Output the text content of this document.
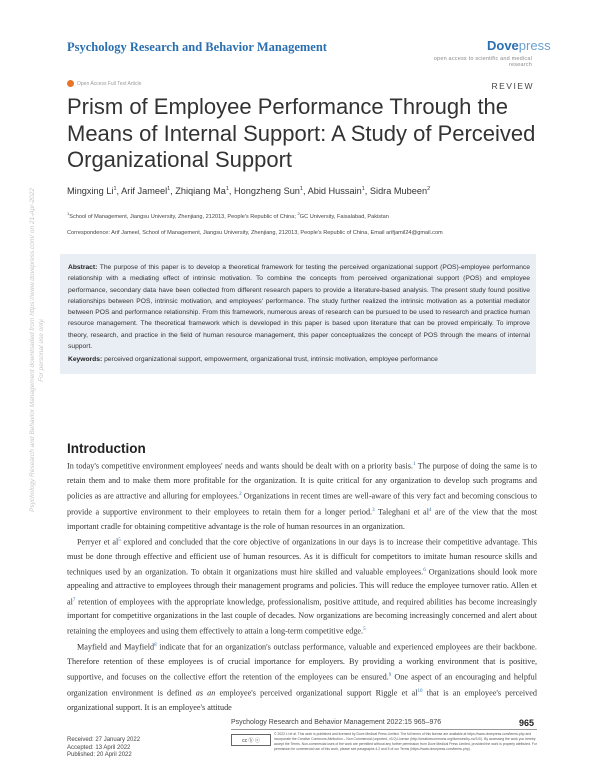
Psychology Research and Behavior Management	Dovepress
open access to scientific and medical research
Open Access Full Text Article	REVIEW
Prism of Employee Performance Through the Means of Internal Support: A Study of Perceived Organizational Support
Mingxing Li$^1$, Arif Jameel$^1$, Zhiqiang Ma$^1$, Hongzheng Sun$^1$, Abid Hussain$^1$, Sidra Mubeen$^2$
$^1$School of Management, Jiangsu University, Zhenjiang, 212013, People's Republic of China; $^2$GC University, Faisalabad, Pakistan
Correspondence: Arif Jameel, School of Management, Jiangsu University, Zhenjiang, 212013, People's Republic of China, Email arifjamil24@gmail.com
Abstract: The purpose of this paper is to develop a theoretical framework for testing the perceived organizational support (POS)-employee performance relationship with a mediating effect of intrinsic motivation. To combine the concepts from perceived organizational support (POS) and employee performance, secondary data have been collected from different research papers to provide a literature-based analysis. The present study found positive relationships between POS, intrinsic motivation, and employees' performance. The study further realized the intrinsic motivation as a potential mediator between POS and performance relationship. From this framework, numerous areas of research can be pursued to be used to research and practice human resource management. The theoretical framework which is developed in this paper is based upon literature that can be proved empirically. To improve theory, research, and practice in the field of human resource management, this paper conceptualizes the concept of POS through the means of internal support.
Keywords: perceived organizational support, empowerment, organizational trust, intrinsic motivation, employee performance
Introduction

In today's competitive environment employees' needs and wants should be dealt with on a priority basis.$^1$ The purpose of doing the same is to retain them and to make them more profitable for the organization. It is quite critical for any organization to develop such programs and policies as are attractive and alluring for employees.$^2$ Organizations in recent times are well-aware of this very fact and becoming conscious to provide a supportive environment to their employees to retain them for a longer period.$^3$ Taleghani et $al^4$ are of the view that the most important cradle for obtaining competitive advantage is the role of human resources in an organization.

Perryer et $al^5$ explored and concluded that the core objective of organizations in our days is to increase their competitive advantage. This must be done through effective and efficient use of human resources. As it is difficult for competitors to imitate human resource skills and techniques used by an organization. To obtain it organizations must hire skilled and valuable employees.$^6$ Organizations should look more appealing and attractive to employees through their management programs and policies. This will reduce the employee turnover ratio. Allen et $al^7$ retention of employees with the appropriate knowledge, professionalism, positive attitude, and required abilities has become increasingly important for competitive organizations in the last couple of decades. Now organizations are becoming increasingly concerned and alert about retaining the employees and using them effectively to attain a long-term competitive edge.$^5$

Mayfield and Mayfield$^8$ indicate that for an organization's outclass performance, valuable and experienced employees are their backbone. Therefore retention of these employees is of crucial importance for employers. By providing a working environment that is positive, supportive, and focuses on the collective effort the retention of the employees can be ensured.$^9$ One aspect of an encouraging and helpful organization environment is defined as an employee's perceived organizational support Riggle et $al^{10}$ that is an employee's perceived organizational support. It is an employee's attitude

Psychology Research and Behavior Management downloaded from https://www.dovepress.com/ on 21-Apr-2022 For personal use only.
Received: 27 January 2022
Accepted: 13 April 2022
Published: 20 April 2022
Psychology Research and Behavior Management 2022:15 965–976	965
cc ⓑ ⓢ
© 2022 Li et al. This work is published and licensed by Dove Medical Press Limited. The full terms of this license are available at https://www.dovepress.com/terms.php and incorporate the Creative Commons Attribution – Non Commercial (unported, v3.0) License (http://creativecommons.org/licenses/by-nc/3.0/). By accessing the work you hereby accept the Terms. Non-commercial uses of the work are permitted without any further permission from Dove Medical Press Limited, provided the work is properly attributed. For permission for commercial use of this work, please see paragraphs 4.2 and 5 of our Terms (https://www.dovepress.com/terms.php).
